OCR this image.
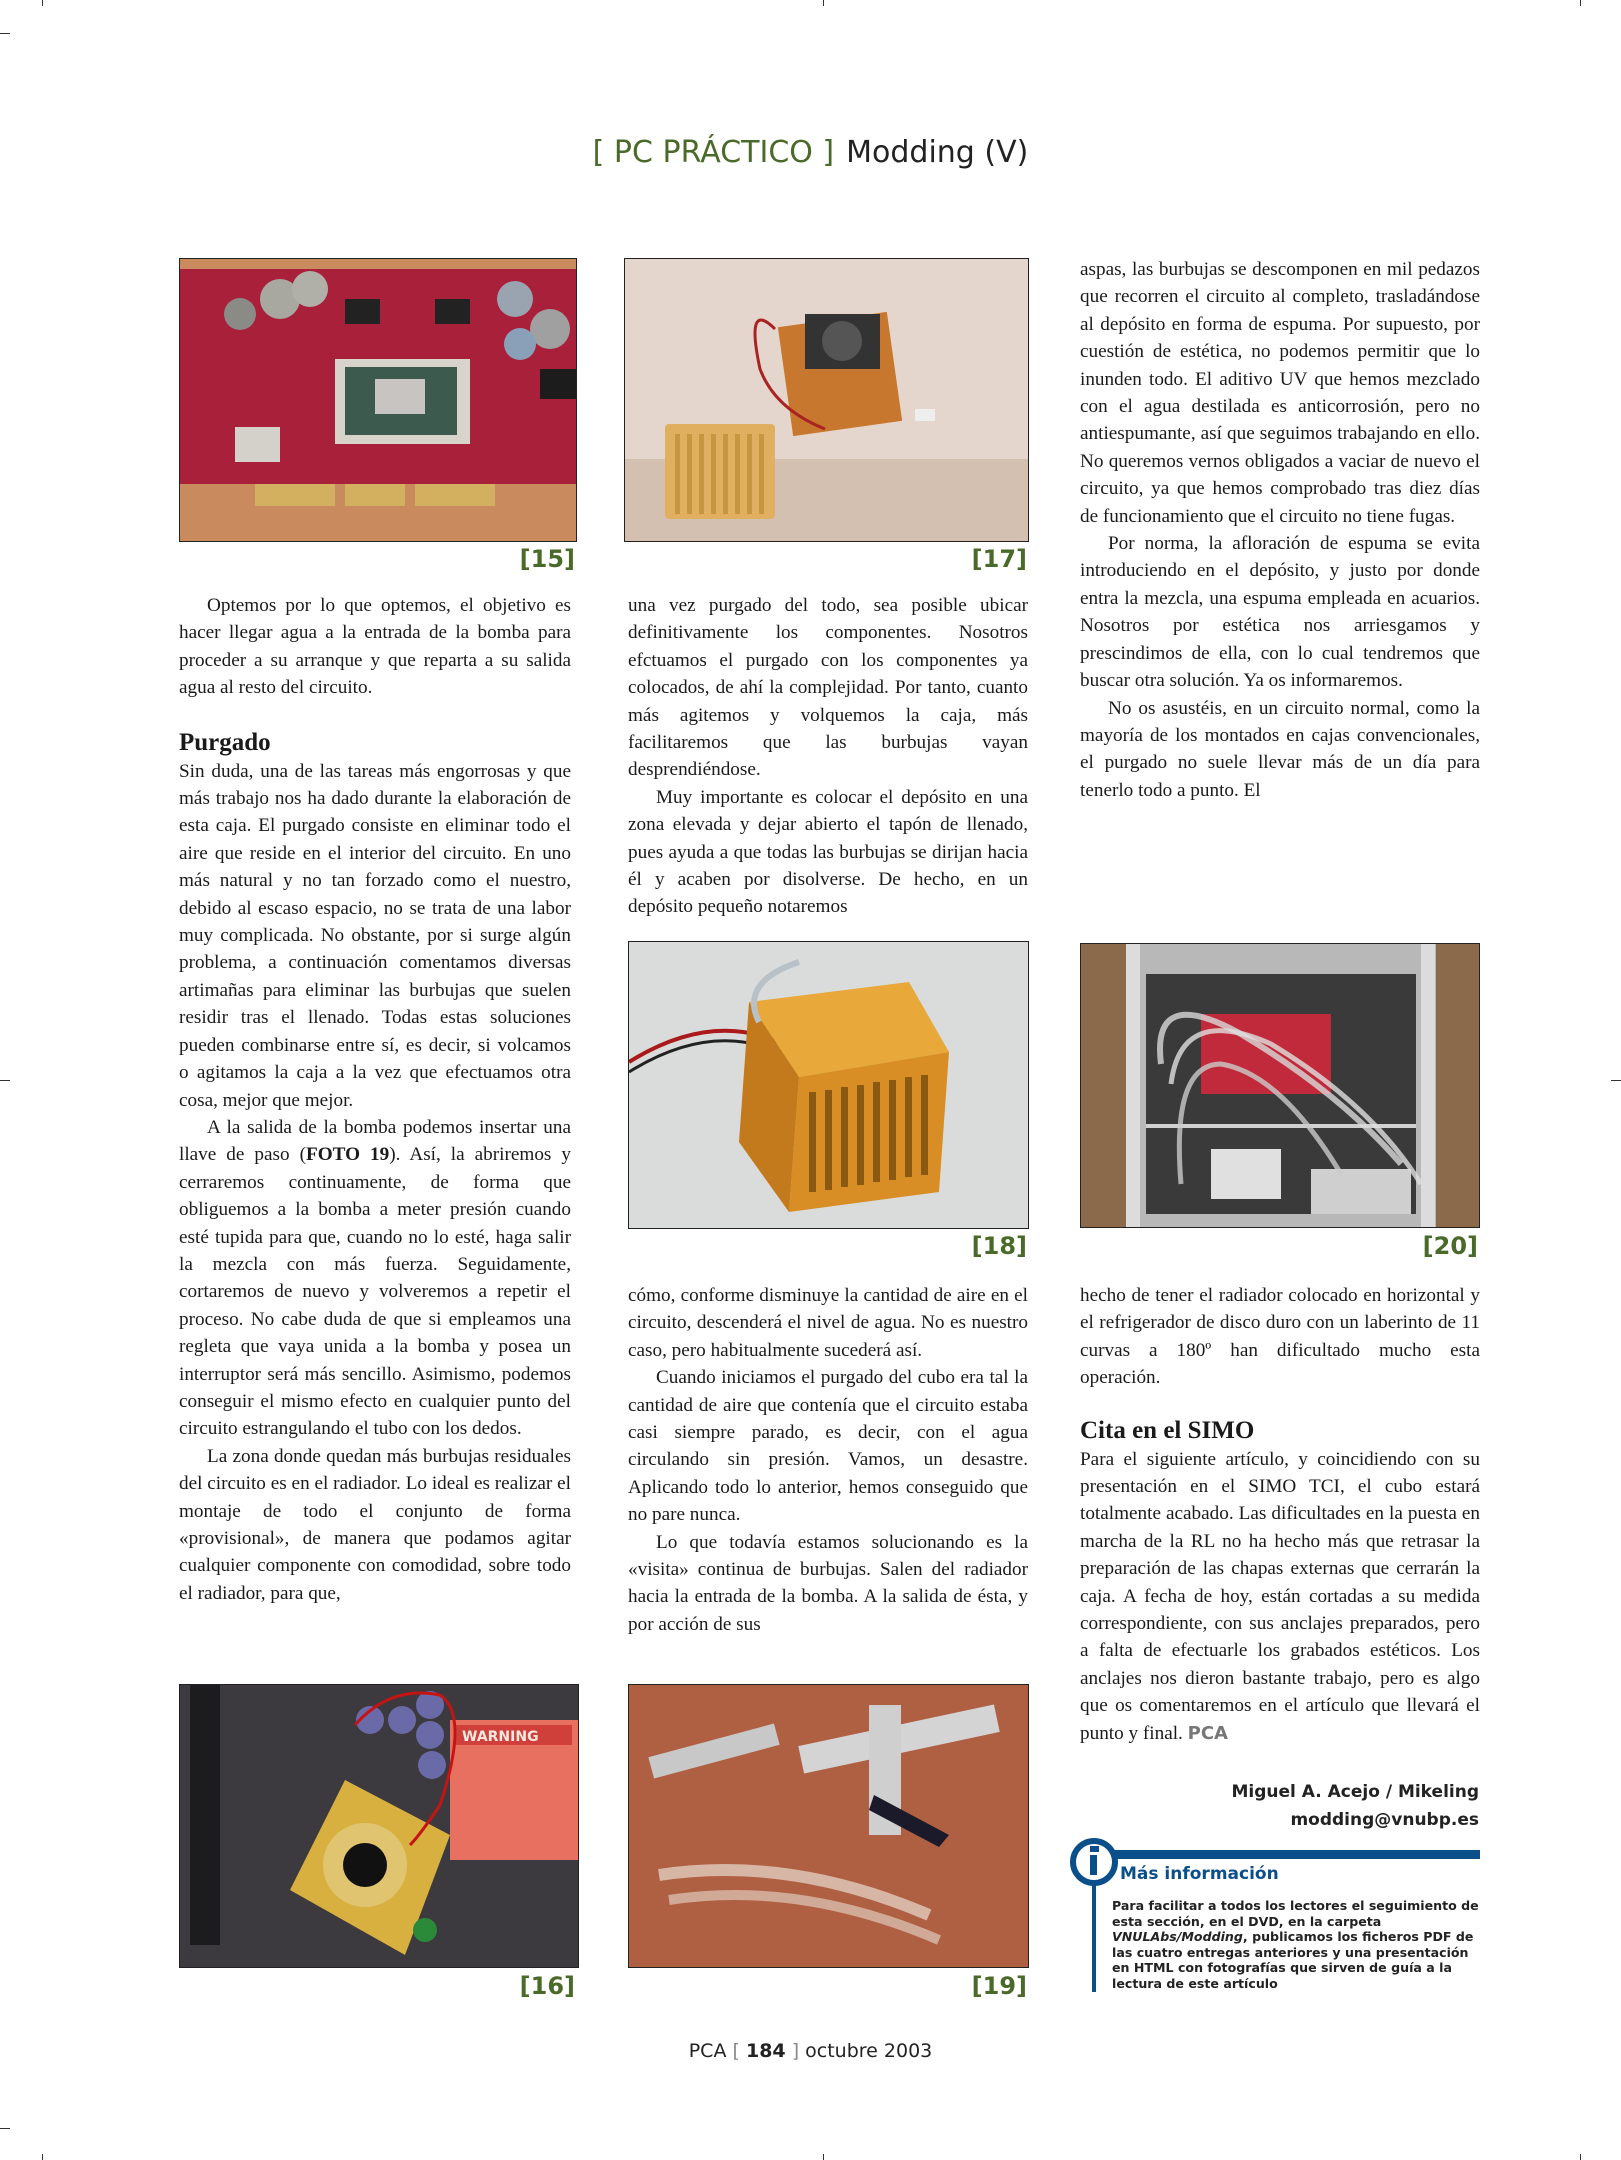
[ PC PRÁCTICO ] Modding (V)
[15]	[17]

Optemos por lo que optemos, el objetivo es hacer llegar agua a la entrada de la bomba para proceder a su arranque y que reparta a su salida agua al resto del circuito.

Purgado

Sin duda, una de las tareas más engorrosas y que más trabajo nos ha dado durante la elaboración de esta caja. El purgado consiste en eliminar todo el aire que reside en el interior del circuito. En uno más natural y no tan forzado como el nuestro, debido al escaso espacio, no se trata de una labor muy complicada. No obstante, por si surge algún problema, a continuación comentamos diversas artimañas para eliminar las burbujas que suelen residir tras el llenado. Todas estas soluciones pueden combinarse entre sí, es decir, si volcamos o agitamos la caja a la vez que efectuamos otra cosa, mejor que mejor.

A la salida de la bomba podemos insertar una llave de paso (FOTO 19). Así, la abriremos y cerraremos continuamente, de forma que obliguemos a la bomba a meter presión cuando esté tupida para que, cuando no lo esté, haga salir la mezcla con más fuerza. Seguidamente, cortaremos de nuevo y volveremos a repetir el proceso. No cabe duda de que si empleamos una regleta que vaya unida a la bomba y posea un interruptor será más sencillo. Asimismo, podemos conseguir el mismo efecto en cualquier punto del circuito estrangulando el tubo con los dedos.

La zona donde quedan más burbujas residuales del circuito es en el radiador. Lo ideal es realizar el montaje de todo el conjunto de forma «provisional», de manera que podamos agitar cualquier componente con comodidad, sobre todo el radiador, para que,

una vez purgado del todo, sea posible ubicar definitivamente los componentes. Nosotros efctuamos el purgado con los componentes ya colocados, de ahí la complejidad. Por tanto, cuanto más agitemos y volquemos la caja, más facilitaremos que las burbujas vayan desprendiéndose.

Muy importante es colocar el depósito en una zona elevada y dejar abierto el tapón de llenado, pues ayuda a que todas las burbujas se dirijan hacia él y acaben por disolverse. De hecho, en un depósito pequeño notaremos

[18]

cómo, conforme disminuye la cantidad de aire en el circuito, descenderá el nivel de agua. No es nuestro caso, pero habitualmente sucederá así.

Cuando iniciamos el purgado del cubo era tal la cantidad de aire que contenía que el circuito estaba casi siempre parado, es decir, con el agua circulando sin presión. Vamos, un desastre. Aplicando todo lo anterior, hemos conseguido que no pare nunca.

Lo que todavía estamos solucionando es la «visita» continua de burbujas. Salen del radiador hacia la entrada de la bomba. A la salida de ésta, y por acción de sus

WARNING
[16]	[19]

aspas, las burbujas se descomponen en mil pedazos que recorren el circuito al completo, trasladándose al depósito en forma de espuma. Por supuesto, por cuestión de estética, no podemos permitir que lo inunden todo. El aditivo UV que hemos mezclado con el agua destilada es anticorrosión, pero no antiespumante, así que seguimos trabajando en ello. No queremos vernos obligados a vaciar de nuevo el circuito, ya que hemos comprobado tras diez días de funcionamiento que el circuito no tiene fugas.

Por norma, la afloración de espuma se evita introduciendo en el depósito, y justo por donde entra la mezcla, una espuma empleada en acuarios. Nosotros por estética nos arriesgamos y prescindimos de ella, con lo cual tendremos que buscar otra solución. Ya os informaremos.

No os asustéis, en un circuito normal, como la mayoría de los montados en cajas convencionales, el purgado no suele llevar más de un día para tenerlo todo a punto. El

[20]

hecho de tener el radiador colocado en horizontal y el refrigerador de disco duro con un laberinto de 11 curvas a 180º han dificultado mucho esta operación.

Cita en el SIMO

Para el siguiente artículo, y coincidiendo con su presentación en el SIMO TCI, el cubo estará totalmente acabado. Las dificultades en la puesta en marcha de la RL no ha hecho más que retrasar la preparación de las chapas externas que cerrarán la caja. A fecha de hoy, están cortadas a su medida correspondiente, con sus anclajes preparados, pero a falta de efectuarle los grabados estéticos. Los anclajes nos dieron bastante trabajo, pero es algo que os comentaremos en el artículo que llevará el punto y final. PCA

Miguel A. Acejo / Mikeling
modding@vnubp.es
Más información
Para facilitar a todos los lectores el seguimiento de esta sección, en el DVD, en la carpeta VNULAbs/Modding, publicamos los ficheros PDF de las cuatro entregas anteriores y una presentación en HTML con fotografías que sirven de guía a la lectura de este artículo
PCA [ 184 ] octubre 2003
